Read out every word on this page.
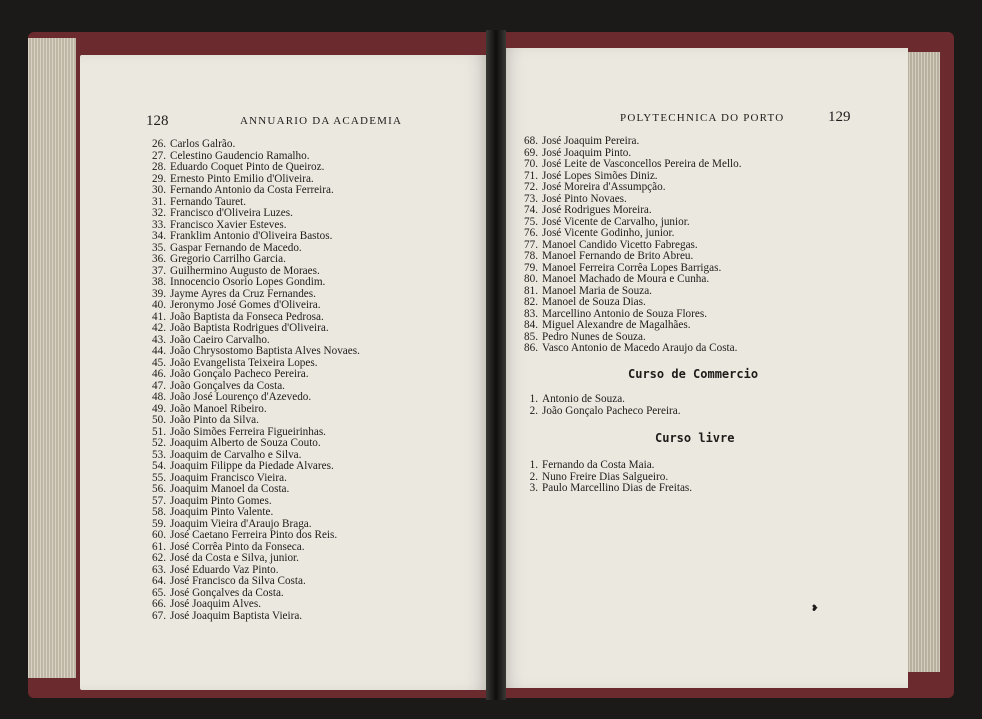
128	ANNUARIO DA ACADEMIA
26. Carlos Galrão.
27. Celestino Gaudencio Ramalho.
28. Eduardo Coquet Pinto de Queiroz.
29. Ernesto Pinto Emilio d'Oliveira.
30. Fernando Antonio da Costa Ferreira.
31. Fernando Tauret.
32. Francisco d'Oliveira Luzes.
33. Francisco Xavier Esteves.
34. Franklim Antonio d'Oliveira Bastos.
35. Gaspar Fernando de Macedo.
36. Gregorio Carrilho Garcia.
37. Guilhermino Augusto de Moraes.
38. Innocencio Osorio Lopes Gondim.
39. Jayme Ayres da Cruz Fernandes.
40. Jeronymo José Gomes d'Oliveira.
41. João Baptista da Fonseca Pedrosa.
42. João Baptista Rodrigues d'Oliveira.
43. João Caeiro Carvalho.
44. João Chrysostomo Baptista Alves Novaes.
45. João Evangelista Teixeira Lopes.
46. João Gonçalo Pacheco Pereira.
47. João Gonçalves da Costa.
48. João José Lourenço d'Azevedo.
49. João Manoel Ribeiro.
50. João Pinto da Silva.
51. João Simões Ferreira Figueirinhas.
52. Joaquim Alberto de Souza Couto.
53. Joaquim de Carvalho e Silva.
54. Joaquim Filippe da Piedade Alvares.
55. Joaquim Francisco Vieira.
56. Joaquim Manoel da Costa.
57. Joaquim Pinto Gomes.
58. Joaquim Pinto Valente.
59. Joaquim Vieira d'Araujo Braga.
60. José Caetano Ferreira Pinto dos Reis.
61. José Corrêa Pinto da Fonseca.
62. José da Costa e Silva, junior.
63. José Eduardo Vaz Pinto.
64. José Francisco da Silva Costa.
65. José Gonçalves da Costa.
66. José Joaquim Alves.
67. José Joaquim Baptista Vieira.
POLYTECHNICA DO PORTO	129
68. José Joaquim Pereira.
69. José Joaquim Pinto.
70. José Leite de Vasconcellos Pereira de Mello.
71. José Lopes Simões Diniz.
72. José Moreira d'Assumpção.
73. José Pinto Novaes.
74. José Rodrigues Moreira.
75. José Vicente de Carvalho, junior.
76. José Vicente Godinho, junior.
77. Manoel Candido Vicetto Fabregas.
78. Manoel Fernando de Brito Abreu.
79. Manoel Ferreira Corrêa Lopes Barrigas.
80. Manoel Machado de Moura e Cunha.
81. Manoel Maria de Souza.
82. Manoel de Souza Dias.
83. Marcellino Antonio de Souza Flores.
84. Miguel Alexandre de Magalhães.
85. Pedro Nunes de Souza.
86. Vasco Antonio de Macedo Araujo da Costa.
Curso de Commercio
1. Antonio de Souza.
2. João Gonçalo Pacheco Pereira.
Curso livre
1. Fernando da Costa Maia.
2. Nuno Freire Dias Salgueiro.
3. Paulo Marcellino Dias de Freitas.
❥
